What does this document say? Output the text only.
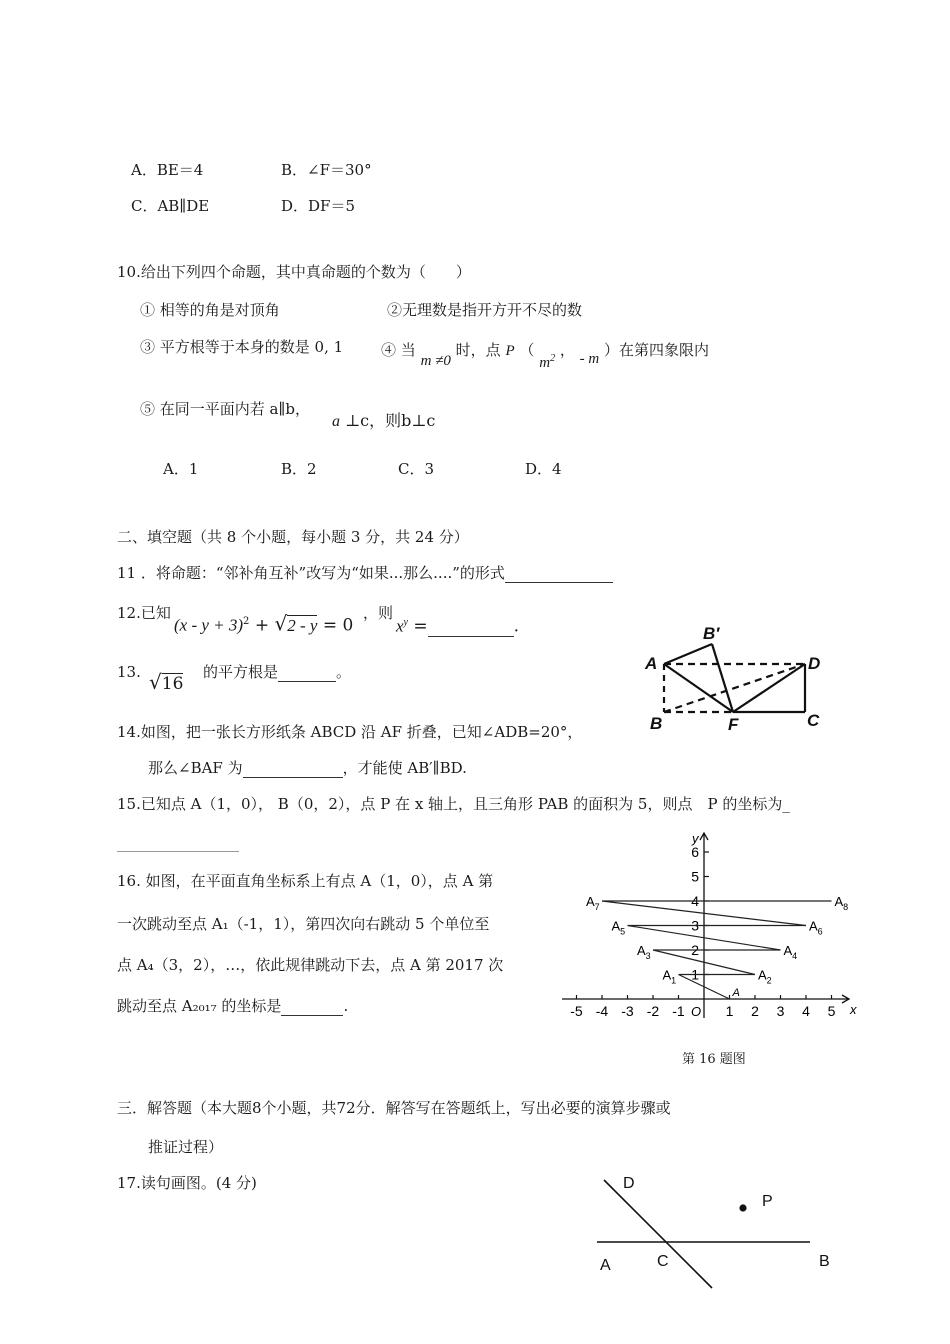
A．BE＝4	B．∠F＝30°
C．AB∥DE	D．DF＝5
10.给出下列四个命题，其中真命题的个数为（　　）
① 相等的角是对顶角	②无理数是指开方开不尽的数
③ 平方根等于本身的数是 0, 1	④ 当 m ≠0 时，点 P （ $m^2$ ， - m ）在第四象限内
⑤ 在同一平面内若 a∥b，
a ⊥c，则b⊥c
A．1	B．2	C．3	D．4
二、填空题（共 8 个小题，每小题 3 分，共 24 分）
11 ．将命题：“邻补角互补”改写为“如果...那么....”的形式
12.已知
$(x - y + 3)^2 + √2 - y = 0$
，则
$x^y$ =	.
13. √16
的平方根是	。
14.如图，把一张长方形纸条 ABCD 沿 AF 折叠，已知∠ADB=20°，
那么∠BAF 为	，才能使 AB′∥BD.
A
B
B′
F
D
C
15.已知点 A（1，0）， B（0，2），点 P 在 x 轴上，且三角形 PAB 的面积为 5，则点　P 的坐标为_
16. 如图，在平面直角坐标系上有点 A（1，0），点 A 第
一次跳动至点 A₁（-1，1），第四次向右跳动 5 个单位至
点 A₄（3，2），…，依此规律跳动下去，点 A 第 2017 次
跳动至点 A₂₀₁₇ 的坐标是	.	x
y
O
-5 -4 -3 -2 -1	1 2 3 4 5
1
2
3
4
5
6
A
$A_1$	$A_2$
$A_3$	$A_4$
$A_5$	$A_6$
$A_7$	$A_8$
第 16 题图
三．解答题（本大题8个小题，共72分．解答写在答题纸上，写出必要的演算步骤或
推证过程）
17.读句画图。(4 分)	D
P
A	C	B
